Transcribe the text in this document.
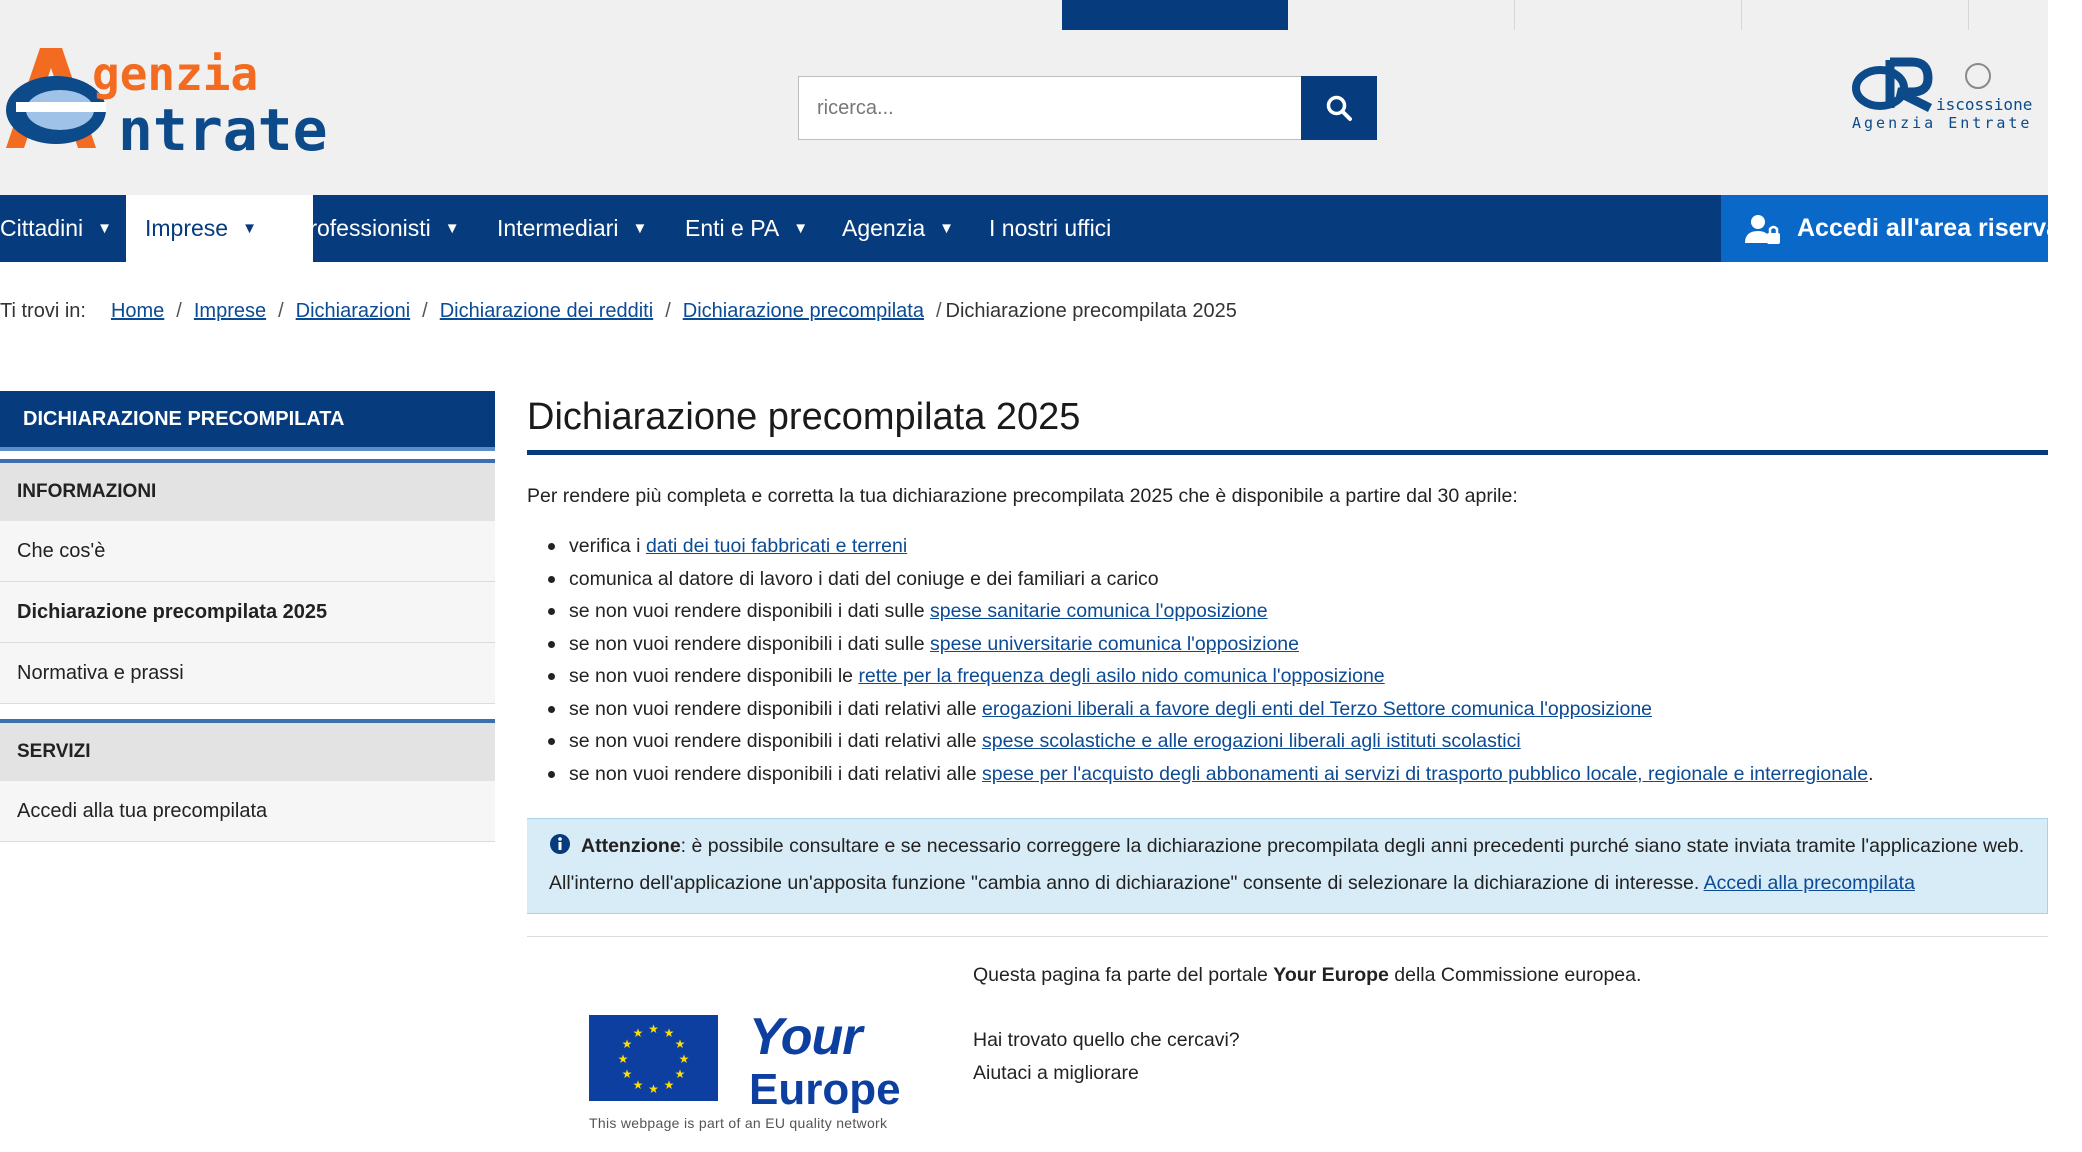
genzia
ntrate
ricerca...	iscossione
Agenzia Entrate
Cittadini ▼ Imprese ▼ Professionisti ▼ Intermediari ▼ Enti e PA ▼ Agenzia ▼ I nostri uffici	Accedi all'area riservata
Ti trovi in: Home / Imprese / Dichiarazioni / Dichiarazione dei redditi / Dichiarazione precompilata / Dichiarazione precompilata 2025
DICHIARAZIONE PRECOMPILATA
INFORMAZIONI
Che cos'è
Dichiarazione precompilata 2025
Normativa e prassi
SERVIZI
Accedi alla tua precompilata
Dichiarazione precompilata 2025
Per rendere più completa e corretta la tua dichiarazione precompilata 2025 che è disponibile a partire dal 30 aprile:
verifica i dati dei tuoi fabbricati e terreni
comunica al datore di lavoro i dati del coniuge e dei familiari a carico
se non vuoi rendere disponibili i dati sulle spese sanitarie comunica l'opposizione
se non vuoi rendere disponibili i dati sulle spese universitarie comunica l'opposizione
se non vuoi rendere disponibili le rette per la frequenza degli asilo nido comunica l'opposizione
se non vuoi rendere disponibili i dati relativi alle erogazioni liberali a favore degli enti del Terzo Settore comunica l'opposizione
se non vuoi rendere disponibili i dati relativi alle spese scolastiche e alle erogazioni liberali agli istituti scolastici
se non vuoi rendere disponibili i dati relativi alle spese per l'acquisto degli abbonamenti ai servizi di trasporto pubblico locale, regionale e interregionale.
Attenzione: è possibile consultare e se necessario correggere la dichiarazione precompilata degli anni precedenti purché siano state inviata tramite l'applicazione web. All'interno dell'applicazione un'apposita funzione "cambia anno di dichiarazione" consente di selezionare la dichiarazione di interesse. Accedi alla precompilata
★ ★
★
★
★
★
★
★
★
★
★
★ Your
Europe
This webpage is part of an EU quality network

Questa pagina fa parte del portale Your Europe della Commissione europea.

Hai trovato quello che cercavi?

Aiutaci a migliorare
